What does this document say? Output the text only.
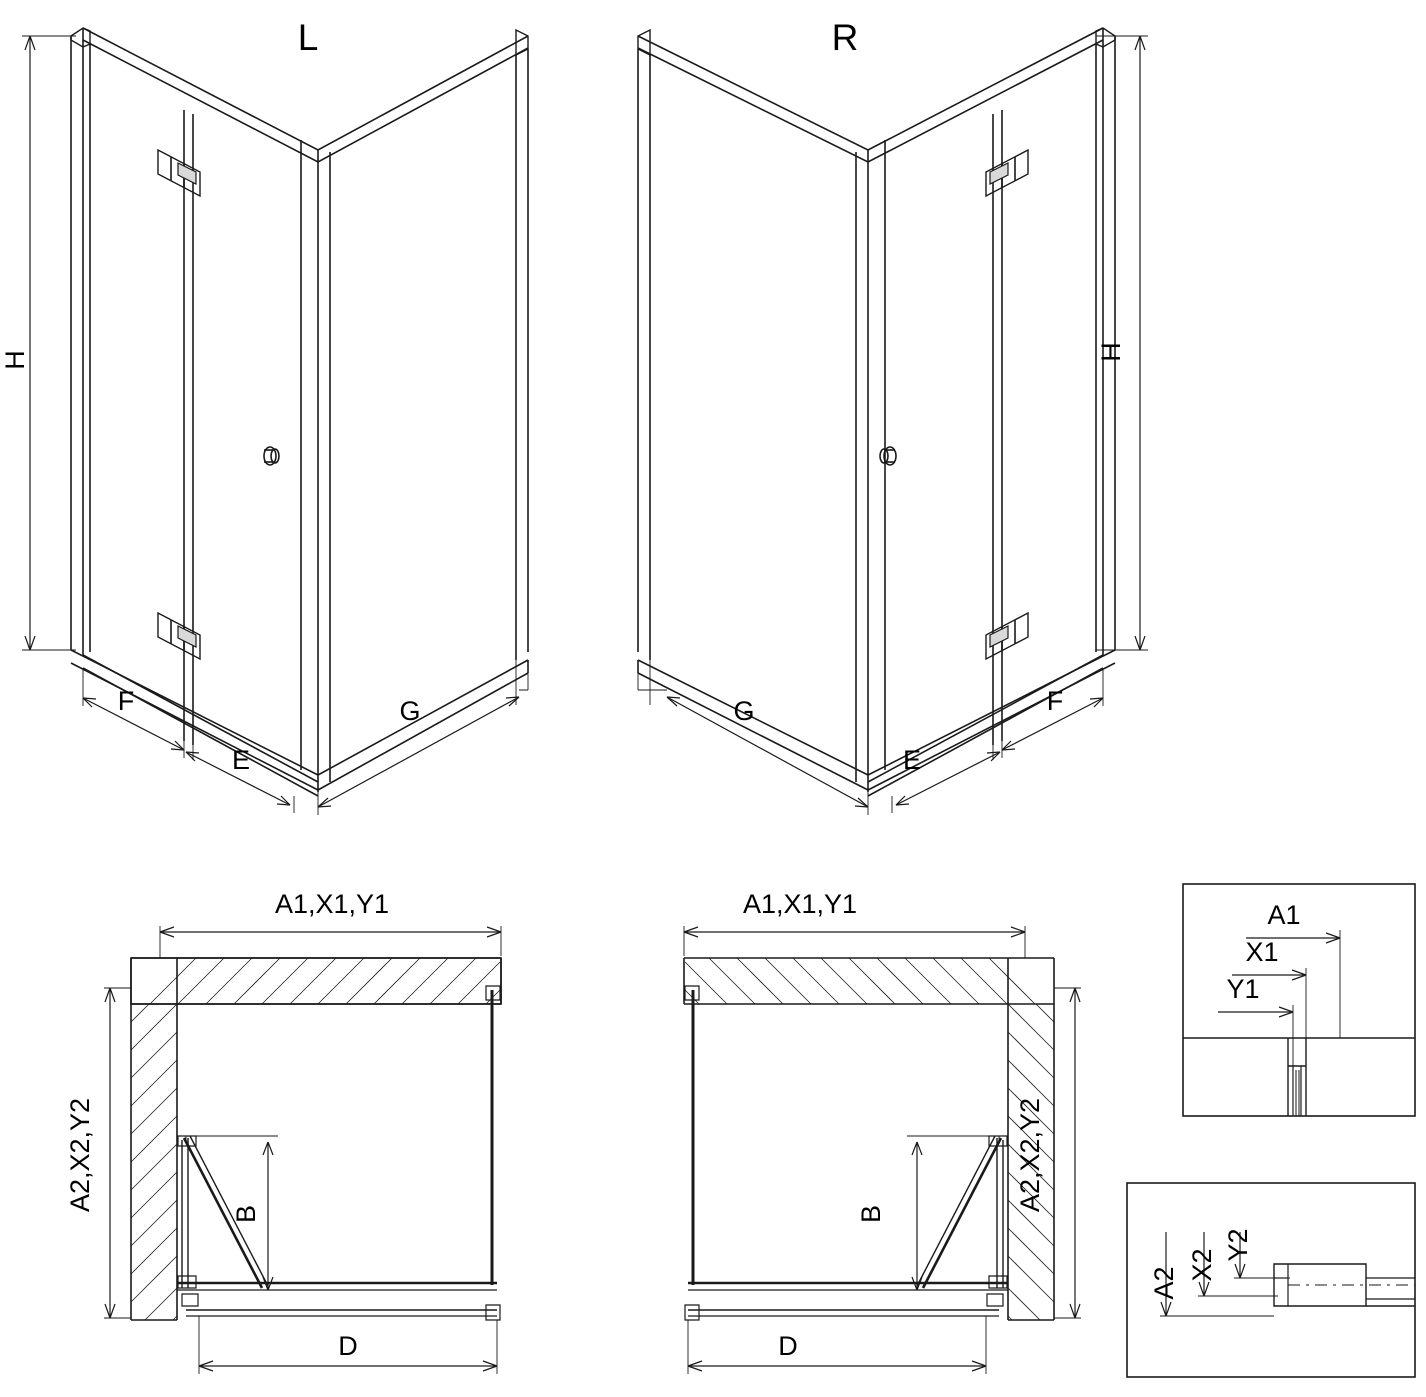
L	R
H
F
E
G
H
G
E
F
A1,X1,Y1
A2,X2,Y2
B
D
A1,X1,Y1
A2,X2,Y2
B
D
A1
X1
Y1
A2
X2
Y2
